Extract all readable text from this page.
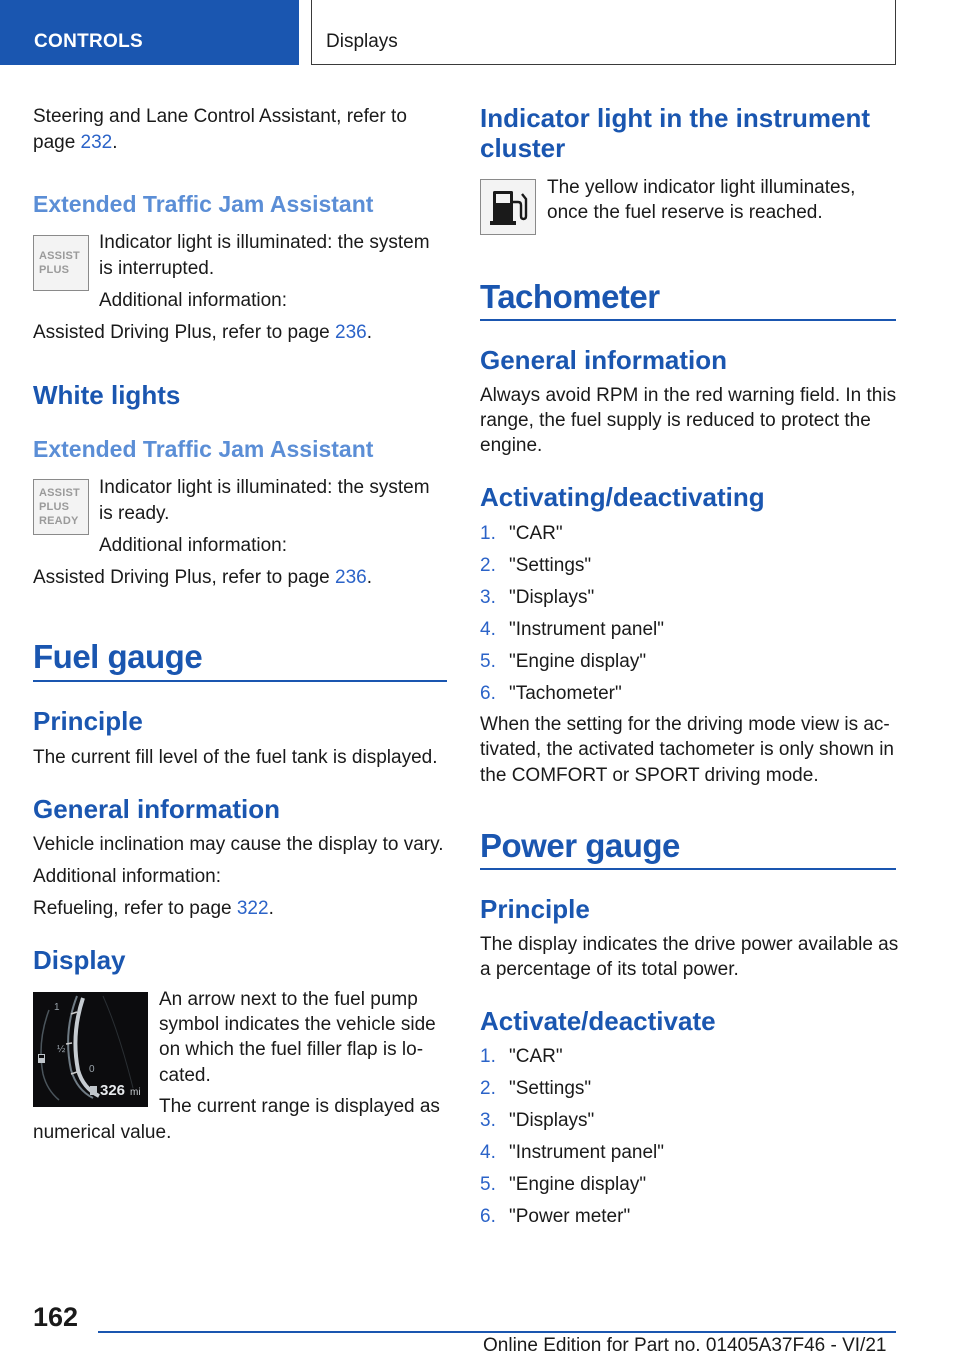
CONTROLS	Displays
Steering and Lane Control Assistant, refer to
page 232.
Extended Traffic Jam Assistant
ASSIST
PLUS
Indicator light is illuminated: the system
is interrupted.
Additional information:
Assisted Driving Plus, refer to page 236.
White lights
Extended Traffic Jam Assistant
ASSIST
PLUS
READY
Indicator light is illuminated: the system
is ready.
Additional information:
Assisted Driving Plus, refer to page 236.
Fuel gauge
Principle
The current fill level of the fuel tank is displayed.
General information
Vehicle inclination may cause the display to vary.
Additional information:
Refueling, refer to page 322.
Display
1
½
0
326 mi
An arrow next to the fuel pump
symbol indicates the vehicle side
on which the fuel filler flap is lo-
cated.
The current range is displayed as
numerical value.
Indicator light in the instrument
cluster
The yellow indicator light illuminates,
once the fuel reserve is reached.
Tachometer
General information
Always avoid RPM in the red warning field. In this
range, the fuel supply is reduced to protect the
engine.
Activating/deactivating
1. "CAR"
2. "Settings"
3. "Displays"
4. "Instrument panel"
5. "Engine display"
6. "Tachometer"
When the setting for the driving mode view is ac-
tivated, the activated tachometer is only shown in
the COMFORT or SPORT driving mode.
Power gauge
Principle
The display indicates the drive power available as
a percentage of its total power.
Activate/deactivate
1. "CAR"
2. "Settings"
3. "Displays"
4. "Instrument panel"
5. "Engine display"
6. "Power meter"
162
Online Edition for Part no. 01405A37F46 - VI/21
